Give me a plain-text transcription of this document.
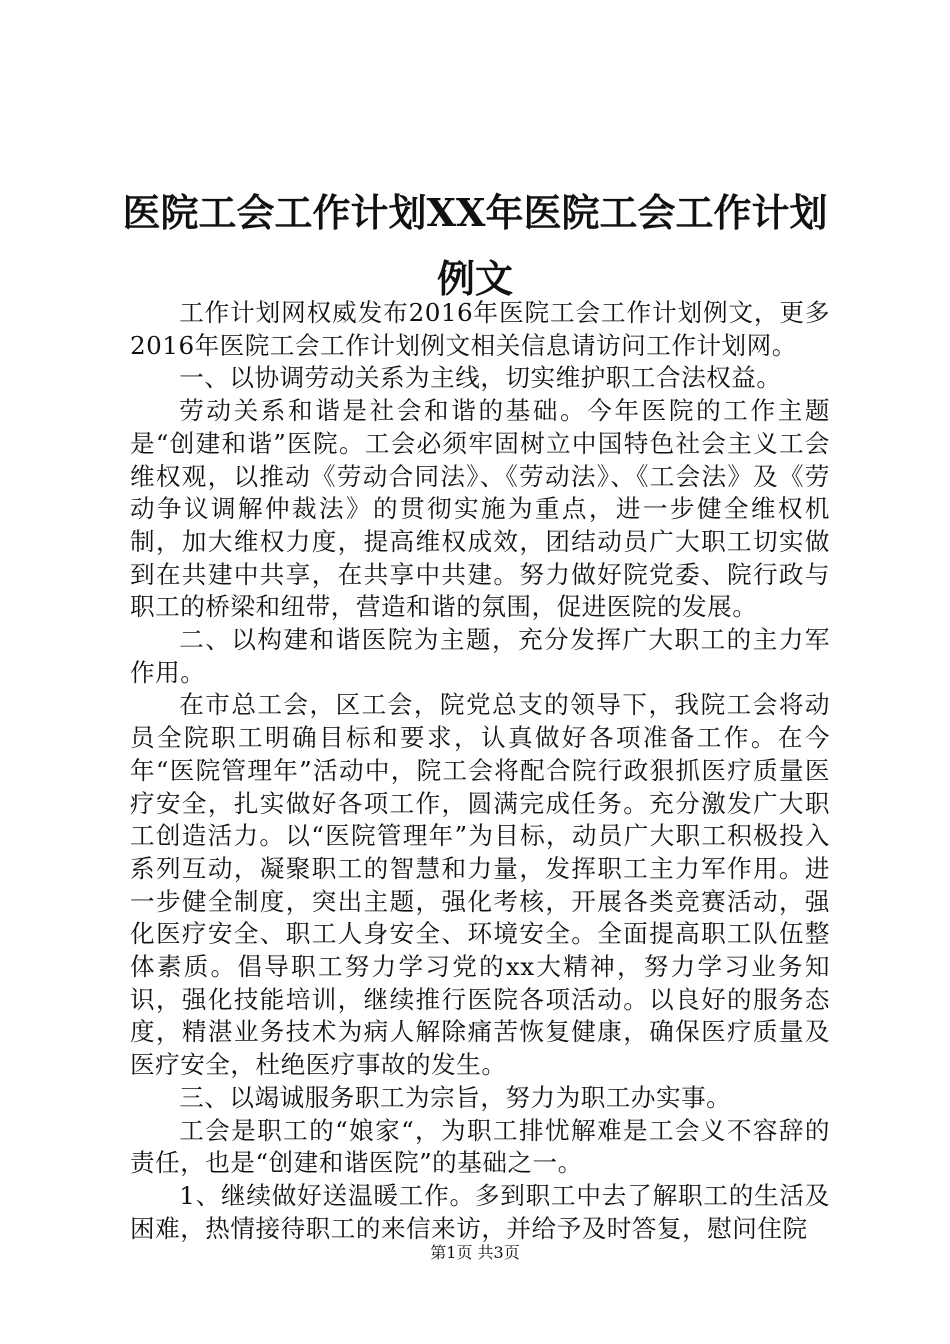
医院工会工作计划XX年医院工会工作计划例文

工作计划网权威发布2016年医院工会工作计划例文，更多2016年医院工会工作计划例文相关信息请访问工作计划网。

一、以协调劳动关系为主线，切实维护职工合法权益。

劳动关系和谐是社会和谐的基础。今年医院的工作主题是“创建和谐”医院。工会必须牢固树立中国特色社会主义工会维权观，以推动《劳动合同法》、《劳动法》、《工会法》及《劳动争议调解仲裁法》的贯彻实施为重点，进一步健全维权机制，加大维权力度，提高维权成效，团结动员广大职工切实做到在共建中共享，在共享中共建。努力做好院党委、院行政与职工的桥梁和纽带，营造和谐的氛围，促进医院的发展。

二、以构建和谐医院为主题，充分发挥广大职工的主力军作用。

在市总工会，区工会，院党总支的领导下，我院工会将动员全院职工明确目标和要求，认真做好各项准备工作。在今年“医院管理年”活动中，院工会将配合院行政狠抓医疗质量医疗安全，扎实做好各项工作，圆满完成任务。充分激发广大职工创造活力。以“医院管理年”为目标，动员广大职工积极投入系列互动，凝聚职工的智慧和力量，发挥职工主力军作用。进一步健全制度，突出主题，强化考核，开展各类竞赛活动，强化医疗安全、职工人身安全、环境安全。全面提高职工队伍整体素质。倡导职工努力学习党的xx大精神，努力学习业务知识，强化技能培训，继续推行医院各项活动。以良好的服务态度，精湛业务技术为病人解除痛苦恢复健康，确保医疗质量及医疗安全，杜绝医疗事故的发生。

三、以竭诚服务职工为宗旨，努力为职工办实事。

工会是职工的“娘家“，为职工排忧解难是工会义不容辞的责任，也是“创建和谐医院”的基础之一。

1、继续做好送温暖工作。多到职工中去了解职工的生活及困难，热情接待职工的来信来访，并给予及时答复，慰问住院

第1页 共3页
